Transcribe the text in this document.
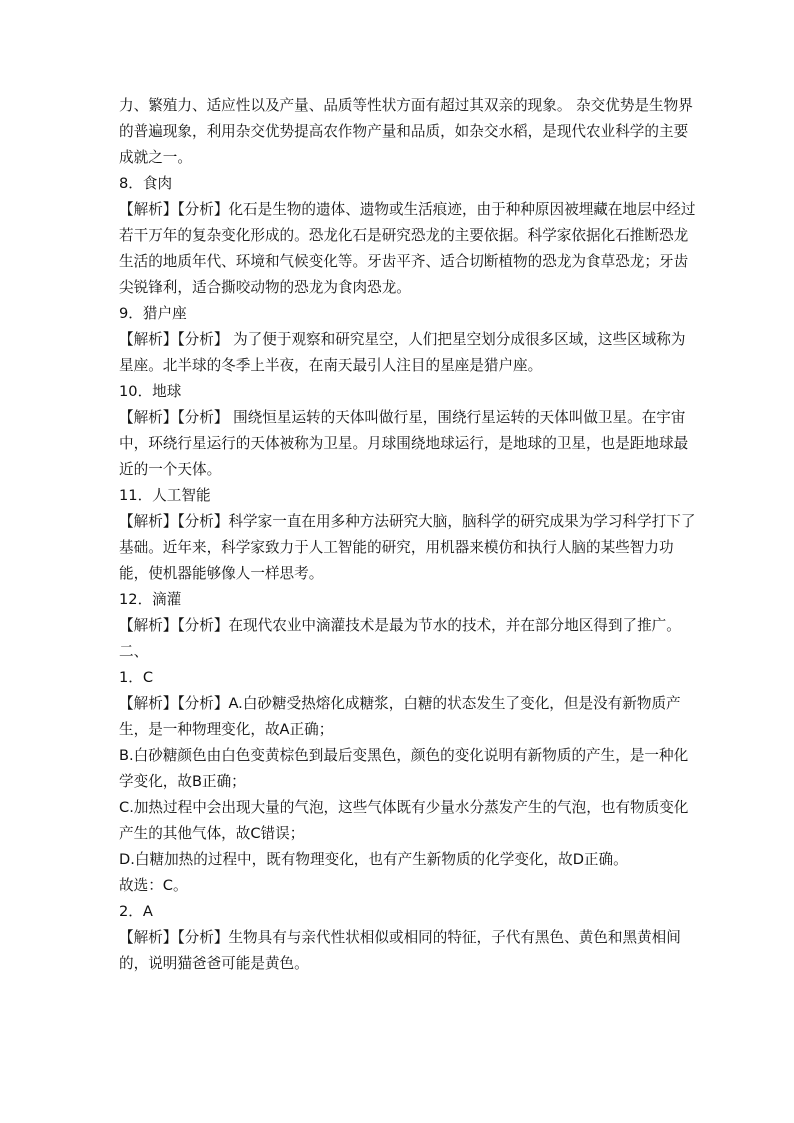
力、繁殖力、适应性以及产量、品质等性状方面有超过其双亲的现象。 杂交优势是生物界
的普遍现象，利用杂交优势提高农作物产量和品质，如杂交水稻，是现代农业科学的主要
成就之一。
8．食肉
【解析】【分析】化石是生物的遗体、遗物或生活痕迹，由于种种原因被埋藏在地层中经过
若干万年的复杂变化形成的。恐龙化石是研究恐龙的主要依据。科学家依据化石推断恐龙
生活的地质年代、环境和气候变化等。牙齿平齐、适合切断植物的恐龙为食草恐龙；牙齿
尖锐锋利，适合撕咬动物的恐龙为食肉恐龙。
9．猎户座
【解析】【分析】 为了便于观察和研究星空，人们把星空划分成很多区域，这些区域称为
星座。北半球的冬季上半夜，在南天最引人注目的星座是猎户座。
10．地球
【解析】【分析】 围绕恒星运转的天体叫做行星，围绕行星运转的天体叫做卫星。在宇宙
中，环绕行星运行的天体被称为卫星。月球围绕地球运行，是地球的卫星，也是距地球最
近的一个天体。
11．人工智能
【解析】【分析】科学家一直在用多种方法研究大脑，脑科学的研究成果为学习科学打下了
基础。近年来，科学家致力于人工智能的研究，用机器来模仿和执行人脑的某些智力功
能，使机器能够像人一样思考。
12．滴灌
【解析】【分析】在现代农业中滴灌技术是最为节水的技术，并在部分地区得到了推广。
二、
1．C
【解析】【分析】A.白砂糖受热熔化成糖浆，白糖的状态发生了变化，但是没有新物质产
生，是一种物理变化，故A正确；
B.白砂糖颜色由白色变黄棕色到最后变黑色，颜色的变化说明有新物质的产生，是一种化
学变化，故B正确；
C.加热过程中会出现大量的气泡，这些气体既有少量水分蒸发产生的气泡，也有物质变化
产生的其他气体，故C错误；
D.白糖加热的过程中，既有物理变化，也有产生新物质的化学变化，故D正确。
故选：C。
2．A
【解析】【分析】生物具有与亲代性状相似或相同的特征，子代有黑色、黄色和黑黄相间
的，说明猫爸爸可能是黄色。
